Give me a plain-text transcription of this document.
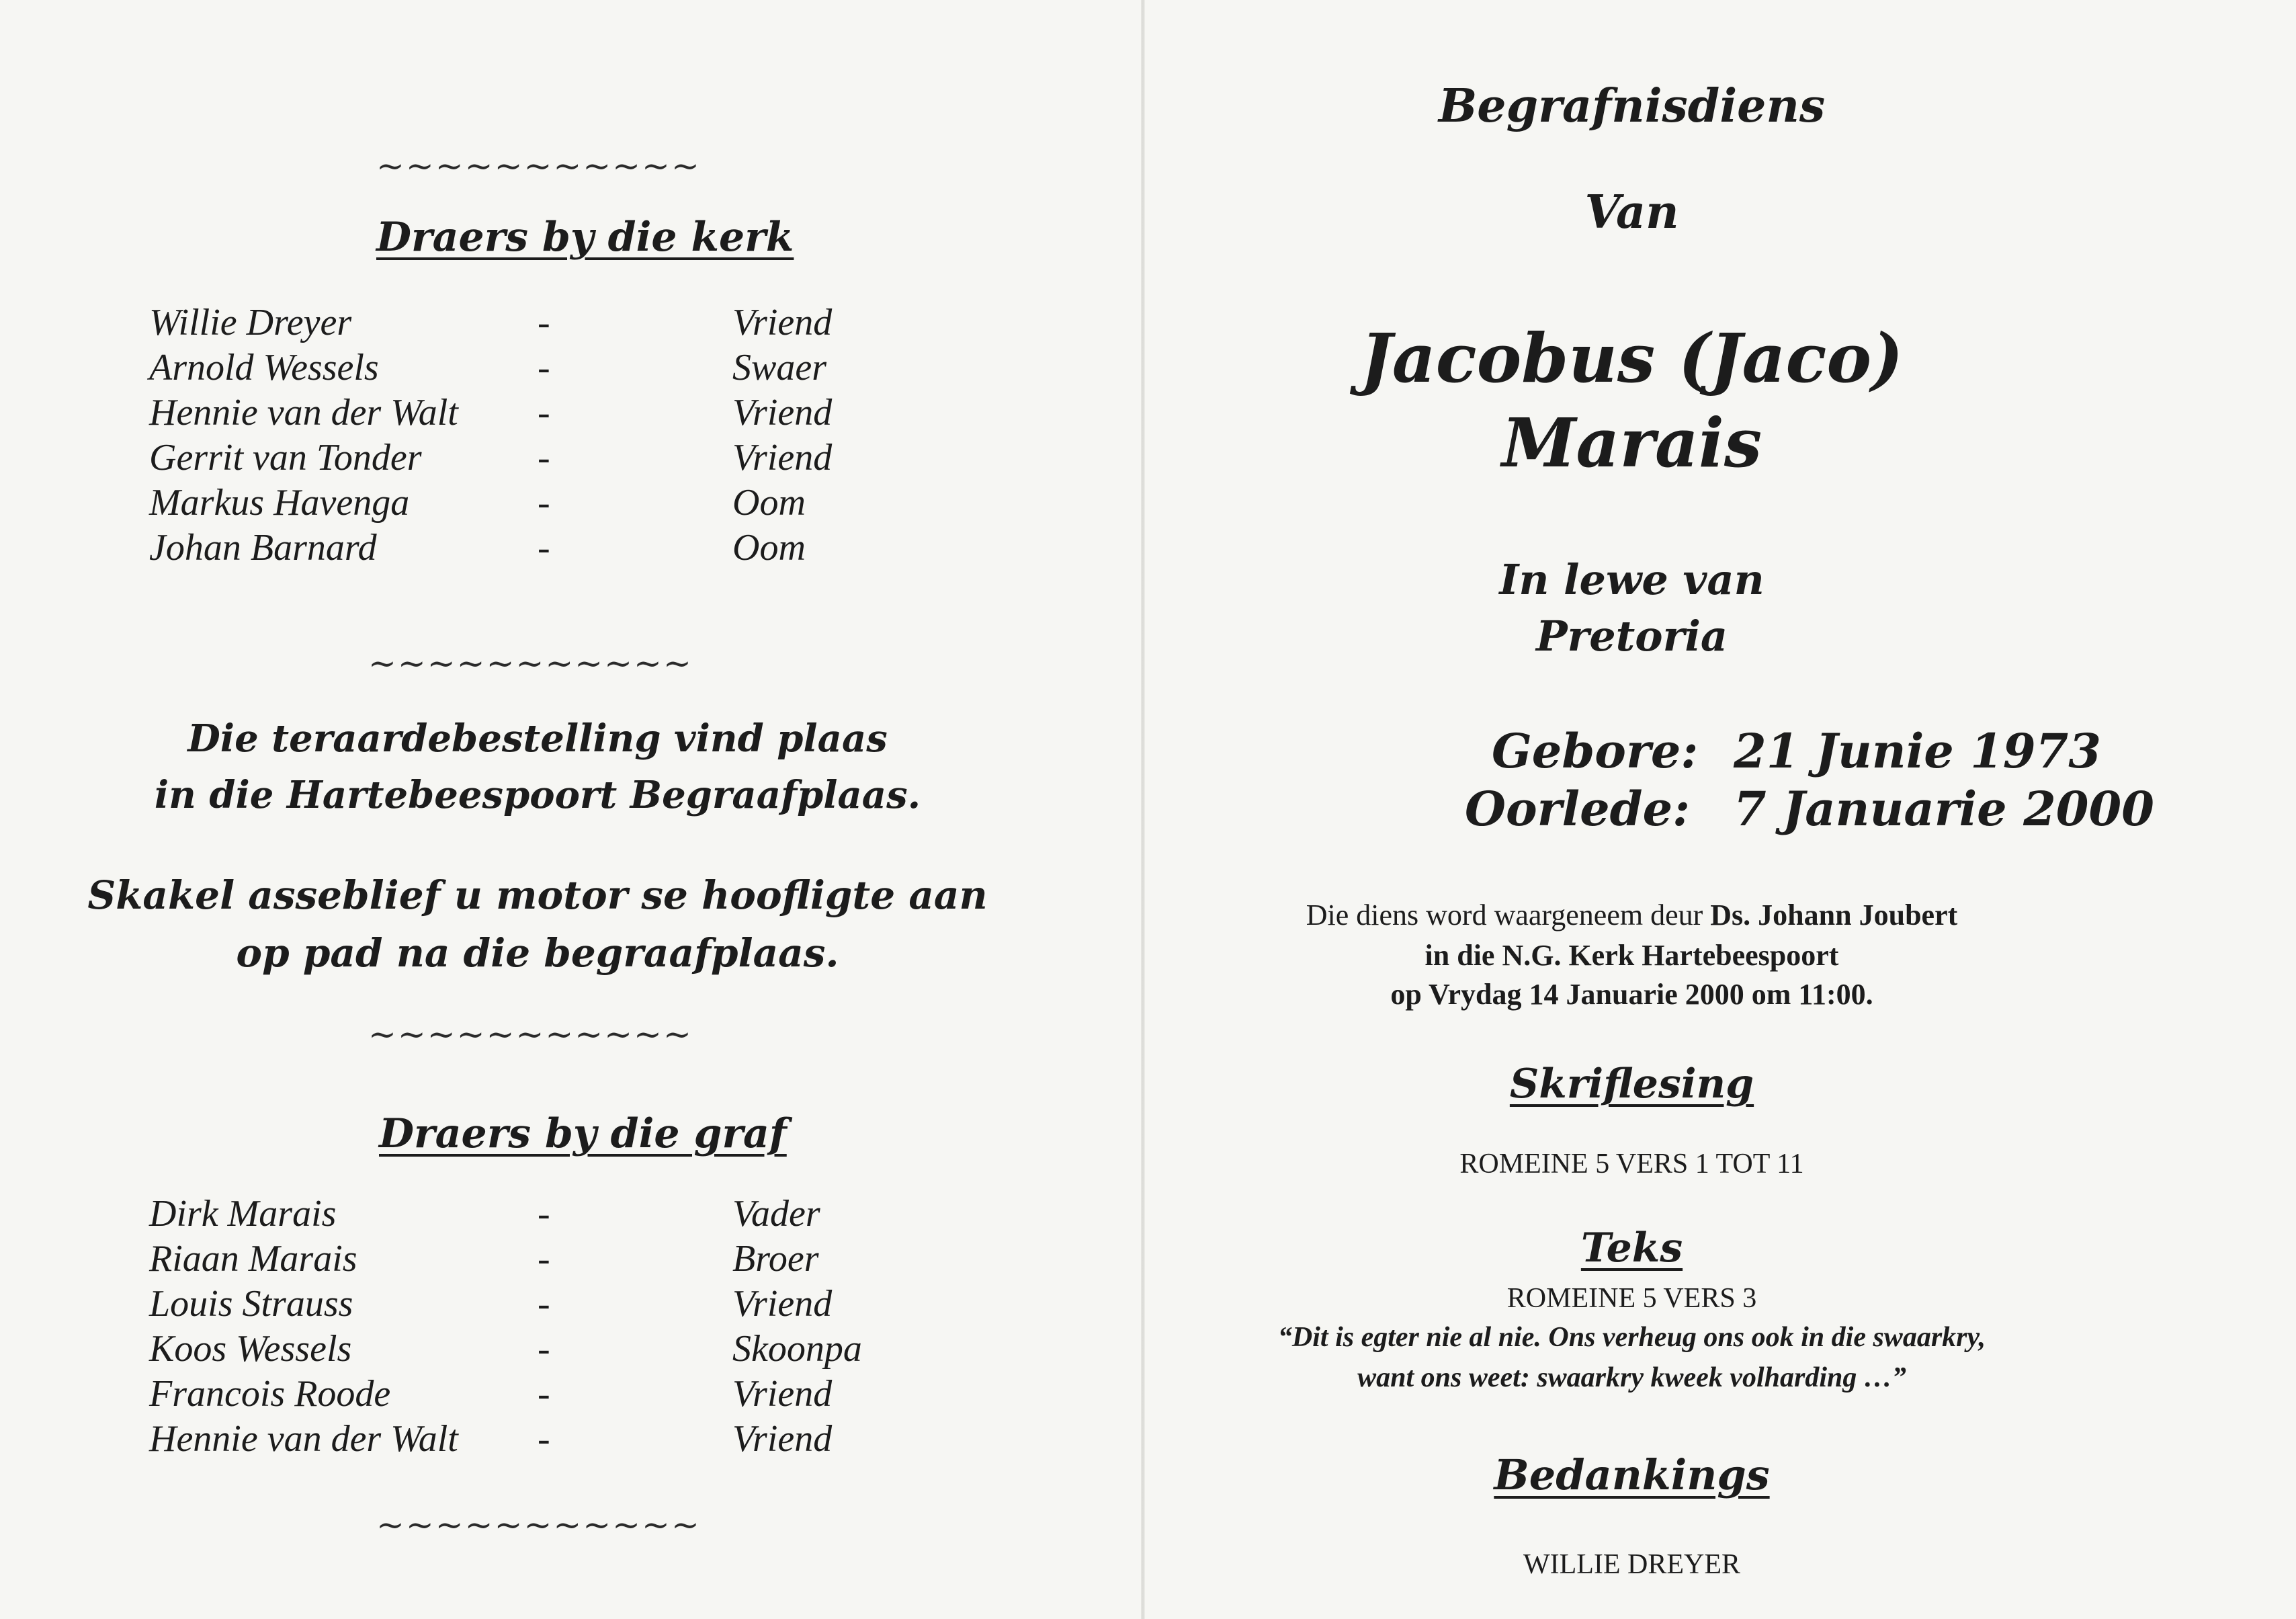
~~~~~~~~~~~
Draers by die kerk
Willie Dreyer	-	Vriend
Arnold Wessels	-	Swaer
Hennie van der Walt -	Vriend
Gerrit van Tonder	-	Vriend
Markus Havenga	-	Oom
Johan Barnard	-	Oom
~~~~~~~~~~~
Die teraardebestelling vind plaas
in die Hartebeespoort Begraafplaas.
Skakel asseblief u motor se hoofligte aan
op pad na die begraafplaas.
~~~~~~~~~~~
Draers by die graf
Dirk Marais	-	Vader
Riaan Marais	-	Broer
Louis Strauss	-	Vriend
Koos Wessels	-	Skoonpa
Francois Roode	-	Vriend
Hennie van der Walt -	Vriend
~~~~~~~~~~~
Begrafnisdiens
Van
Jacobus (Jaco)
Marais
In lewe van
Pretoria
Gebore: 21 Junie 1973
Oorlede: 7 Januarie 2000
Die diens word waargeneem deur Ds. Johann Joubert
in die N.G. Kerk Hartebeespoort
op Vrydag 14 Januarie 2000 om 11:00.
Skriflesing
ROMEINE 5 VERS 1 TOT 11
Teks
ROMEINE 5 VERS 3
“Dit is egter nie al nie. Ons verheug ons ook in die swaarkry,
want ons weet: swaarkry kweek volharding …”
Bedankings
WILLIE DREYER
